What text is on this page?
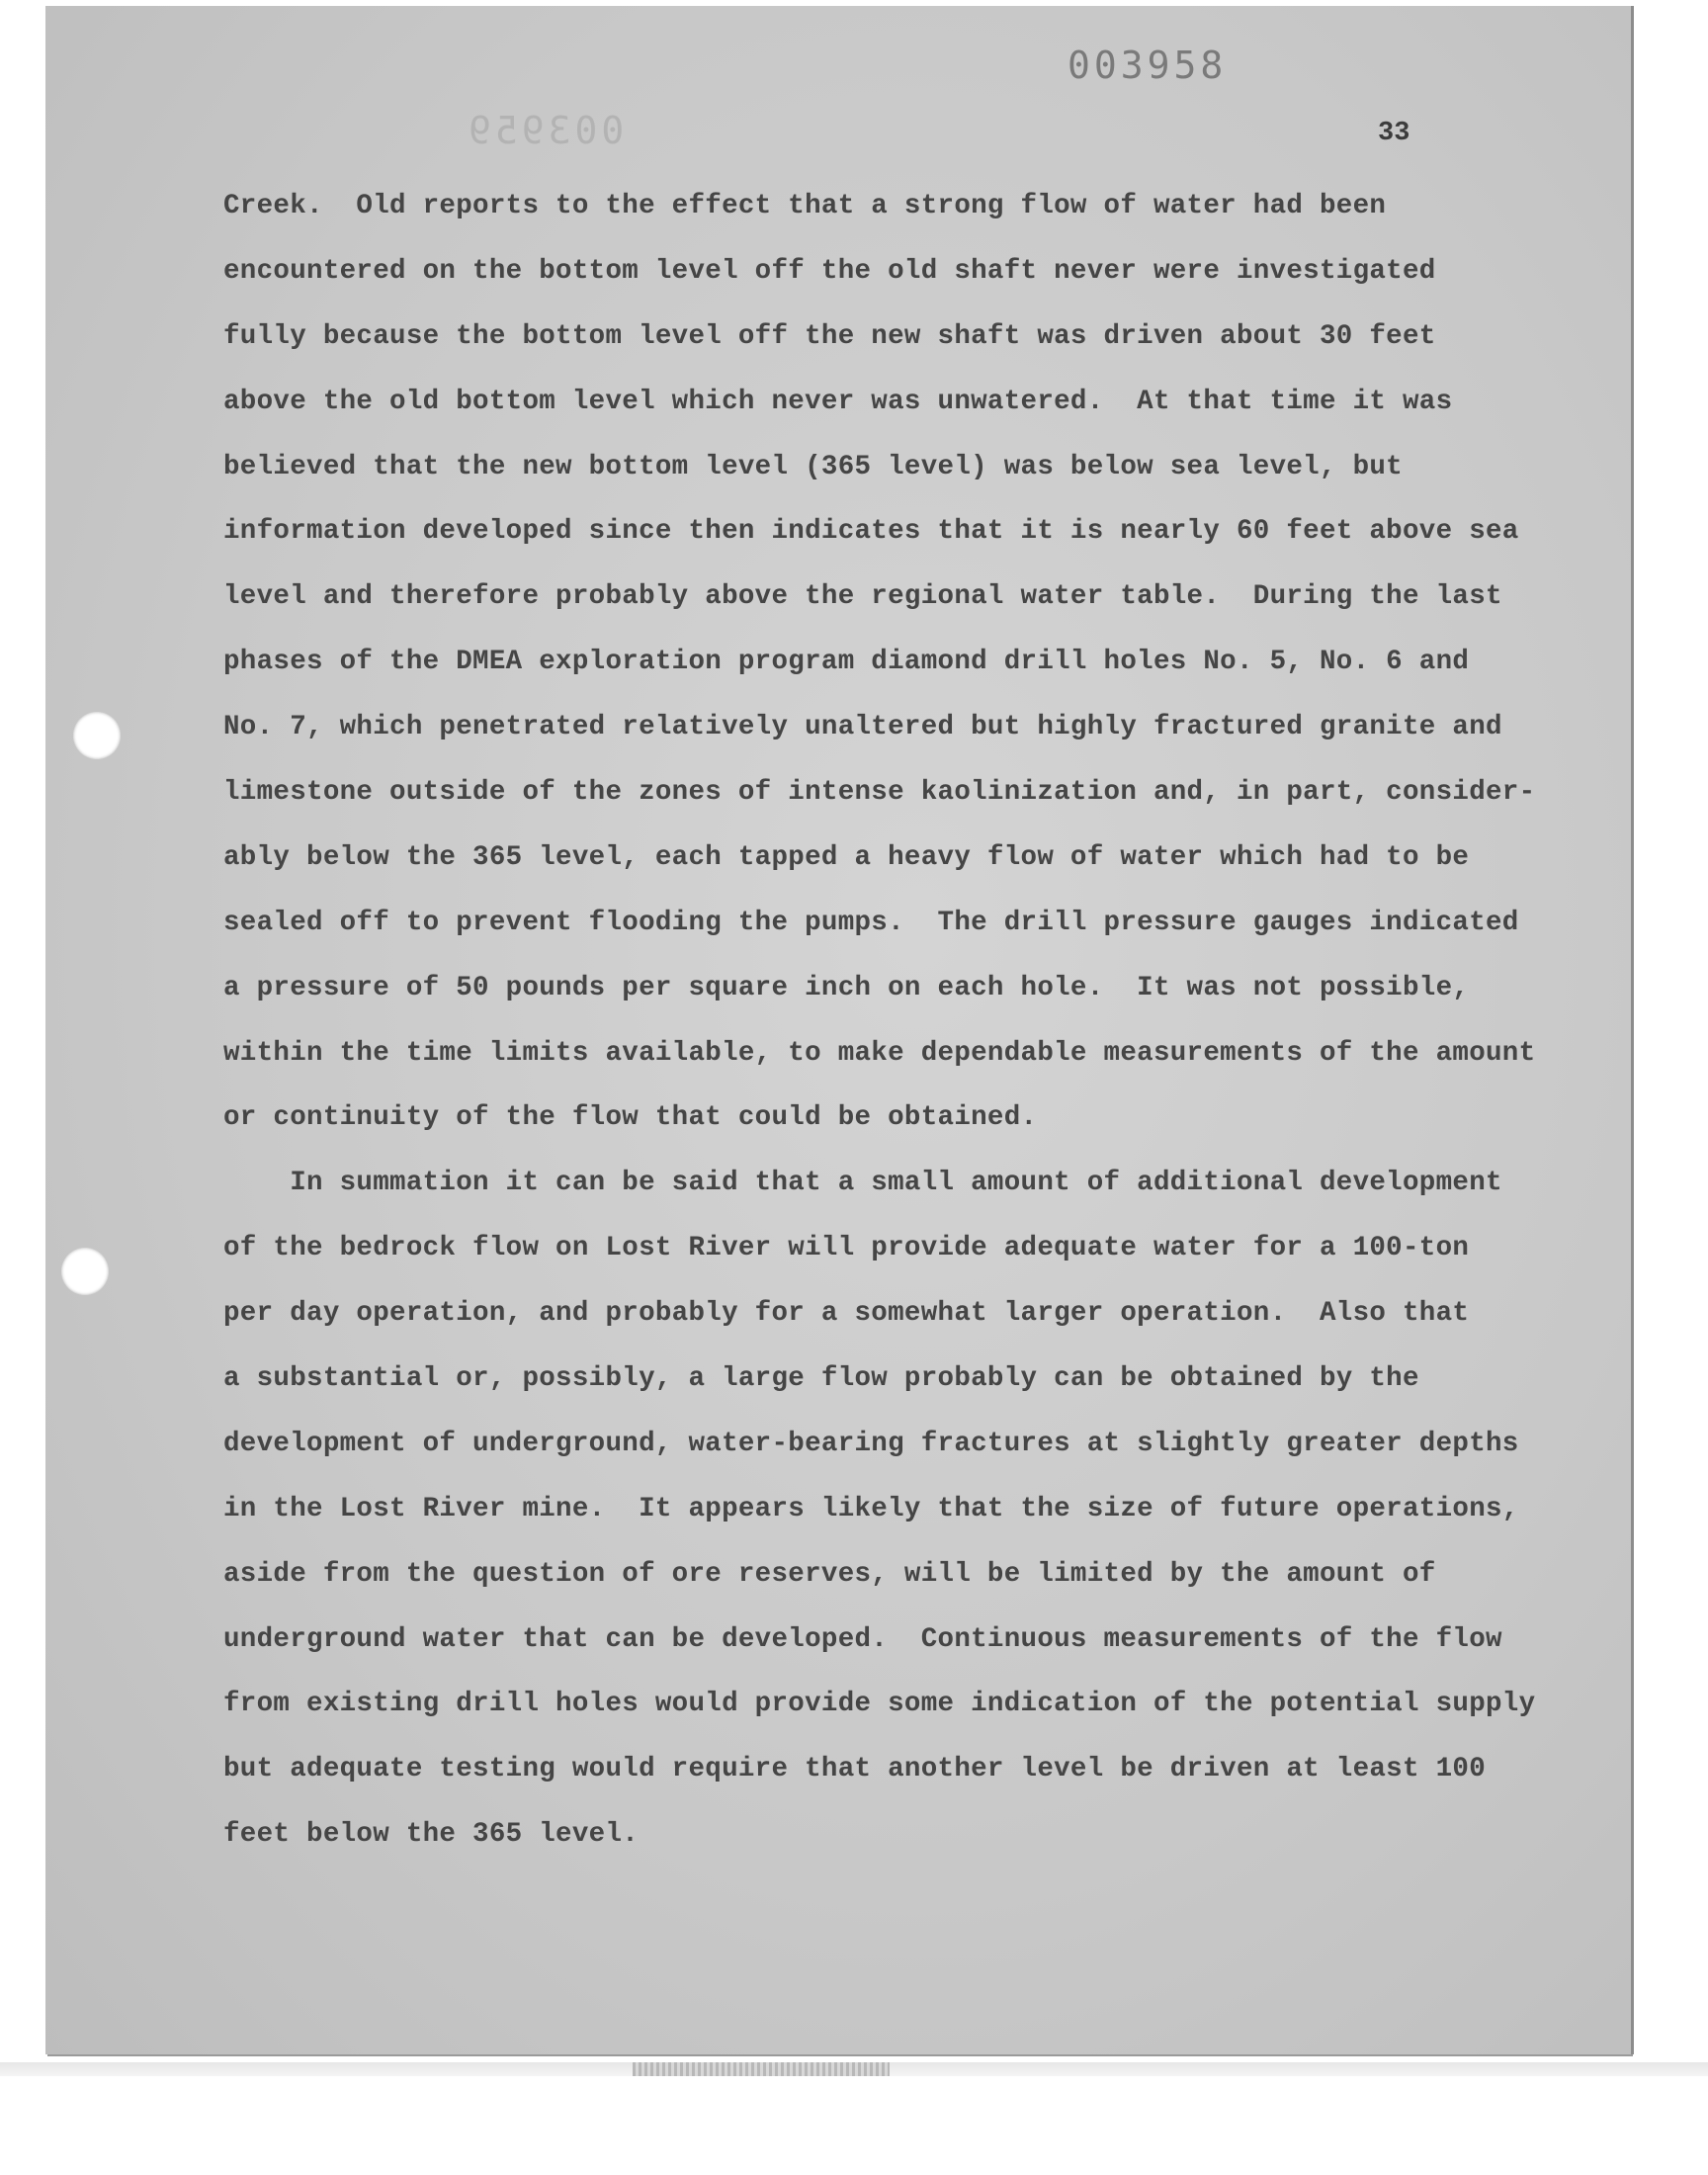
003959
003958
33
Creek.  Old reports to the effect that a strong flow of water had been
encountered on the bottom level off the old shaft never were investigated
fully because the bottom level off the new shaft was driven about 30 feet
above the old bottom level which never was unwatered.  At that time it was
believed that the new bottom level (365 level) was below sea level, but
information developed since then indicates that it is nearly 60 feet above sea
level and therefore probably above the regional water table.  During the last
phases of the DMEA exploration program diamond drill holes No. 5, No. 6 and
No. 7, which penetrated relatively unaltered but highly fractured granite and
limestone outside of the zones of intense kaolinization and, in part, consider-
ably below the 365 level, each tapped a heavy flow of water which had to be
sealed off to prevent flooding the pumps.  The drill pressure gauges indicated
a pressure of 50 pounds per square inch on each hole.  It was not possible,
within the time limits available, to make dependable measurements of the amount
or continuity of the flow that could be obtained.
In summation it can be said that a small amount of additional development
of the bedrock flow on Lost River will provide adequate water for a 100-ton
per day operation, and probably for a somewhat larger operation.  Also that
a substantial or, possibly, a large flow probably can be obtained by the
development of underground, water-bearing fractures at slightly greater depths
in the Lost River mine.  It appears likely that the size of future operations,
aside from the question of ore reserves, will be limited by the amount of
underground water that can be developed.  Continuous measurements of the flow
from existing drill holes would provide some indication of the potential supply
but adequate testing would require that another level be driven at least 100
feet below the 365 level.
